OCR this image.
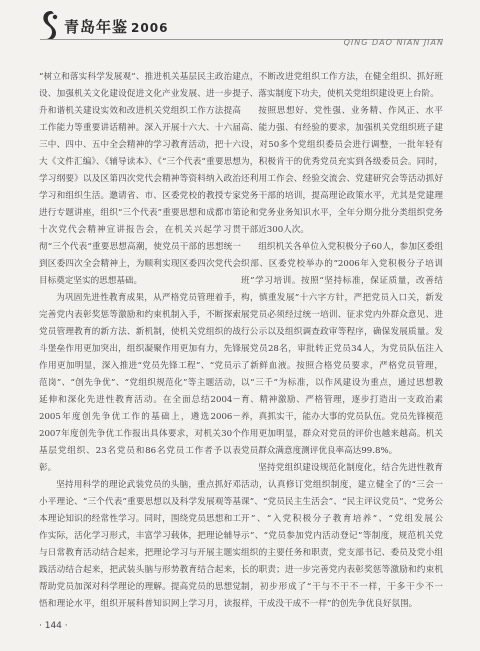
青岛年鉴 2006
QING DAO NIAN JIAN

“树立和落实科学发展观”、推进机关基层民主政治建设、加强机关文化建设促进文化产业发展、进一步提升和谐机关建设实效和改进机关党组织工作方法提高工作能力等重要讲话精神。深入开展十六大、十六届三中、四中、五中全会精神的学习教育活动，把十六大《文件汇编》、《辅导读本》、《“三个代表”重要思想学习纲要》以及区第四次党代会精神等资料纳入政治学习和组织生活。邀请省、市、区委党校的教授专家进行专题讲座，组织“三个代表”重要思想和成都市第十次党代会精神宣讲报告会，在机关兴起学习贯彻“三个代表”重要思想高潮，使党员干部的思想统一到区委四次全会精神上，为顺利实现区委四次党代会目标奠定坚实的思想基础。

为巩固先进性教育成果，从严格党员管理着手，完善党内表彰奖惩等激励和约束机制入手，不断探索党员管理教育的新方法、新机制，使机关党组织的战斗堡垒作用更加突出，组织凝聚作用更加有力，先锋作用更加明显，深入推进“党员先锋工程”、“党员示范岗”、“创先争优”、“党组织规范化”等主题活动，延伸和深化先进性教育活动。在全面总结2004－2005年度创先争优工作的基础上，遴选2006－2007年度创先争优工作报出具体要求，对机关30个基层党组织、23名党员和86名党员工作者予以表彰。

坚持用科学的理论武装党员的头脑，重点抓好邓小平理论、“三个代表”重要思想以及科学发展观等基本理论知识的经常性学习。同时，围绕党员思想和工作实际，活化学习形式，丰富学习载体，把理论辅导与日常教育活动结合起来，把理论学习与开展主题实践活动结合起来，把武装头脑与形势教育结合起来，帮助党员加深对科学理论的理解。提高党员的思想觉悟和理论水平，组织开展科普知识网上学习月，读报

点，不断改进党组织工作方法，在健全组织、抓好班子、落实制度下功夫，使机关党组织建设更上台阶。

按照思想好、党性强、业务精、作风正、水平高、能力强、有经验的要求，加强机关党组织班子建设，对50多个党组织委员会进行调整，一批年轻有为，积极肯干的优秀党员充实到各级委员会。同时，还利用工作会、经验交流会、党建研究会等活动抓好党务干部的培训，提高理论政策水平，尤其是党建理论和党务业务知识水平，全年分期分批分类组织党务干部近300人次。

组织机关各单位入党积极分子60人，参加区委组织部、区委党校举办的“2006年入党积极分子培训班”学习培训。按照“坚持标准，保证质量，改善结构，慎重发展”十六字方针，严把党员入口关，新发展党员必须经过统一培训、征求党内外群众意见、进行公示以及组织调查政审等程序，确保发展质量。发展党员28名，审批转正党员34人，为党员队伍注入了新鲜血液。按照合格党员要求，严格党员管理，以“三千”为标准，以作风建设为重点，通过思想教育、精神激励、严格管理，逐步打造出一支政治素养，真抓实干，能办大事的党员队伍。党员先锋模范作用更加明显，群众对党员的评价也越来越高。机关党员群众满意度测评优良率高达99.8%。

坚持党组织建设规范化制度化，结合先进性教育活动，认真修订党组织制度，建立健全了的“三会一课”、“党员民主生活会”、“民主评议党员”、“党务公开”、“入党积极分子教育培养”、“党组发展公示”、“党员参加党内活动登记”等制度，规范机关党组织的主要任务和职责，党支部书记、委员及党小组长的职责；进一步完善党内表彰奖惩等激励和约束机制，初步形成了“干与不干不一样，干多干少不一样，干成没干成不一样”的创先争优良好氛围。

· 144 ·
